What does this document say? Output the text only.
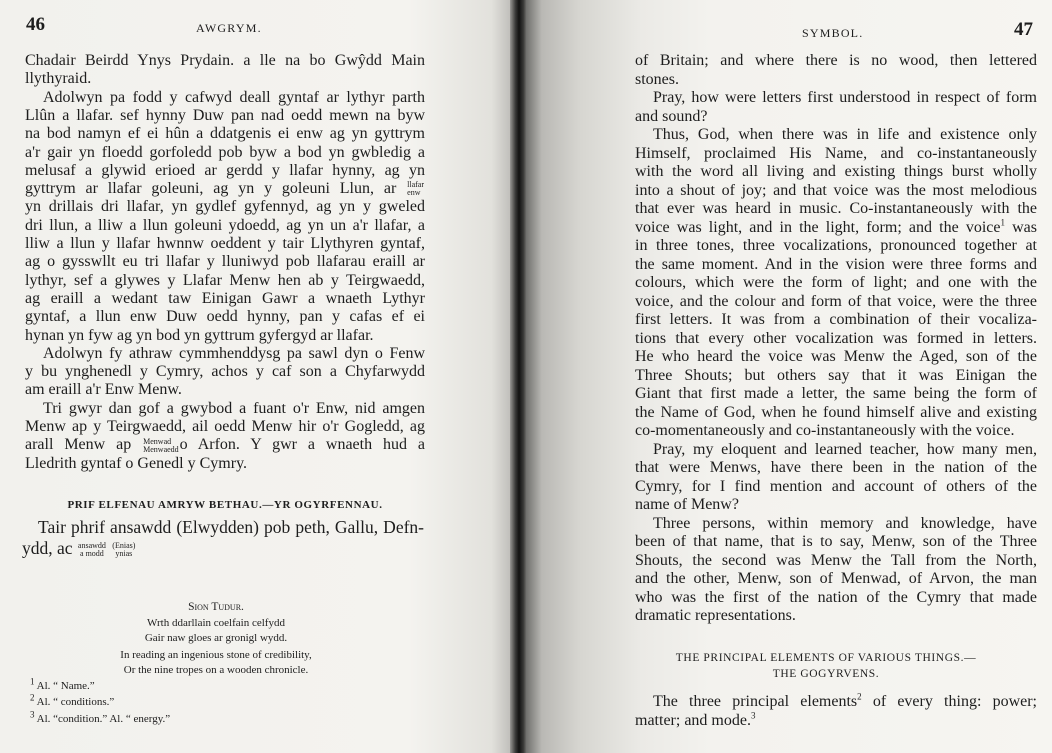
46	AWGRYM.
Chadair Beirdd Ynys Prydain. a lle na bo Gwŷdd Main
llythyraid.
Adolwyn pa fodd y cafwyd deall gyntaf ar lythyr parth
Llûn a llafar. sef hynny Duw pan nad oedd mewn na byw
na bod namyn ef ei hûn a ddatgenis ei enw ag yn gyttrym
a'r gair yn floedd gorfoledd pob byw a bod yn gwbledig a
melusaf a glywid erioed ar gerdd y llafar hynny, ag yn
gyttrym ar llafar goleuni, ag yn y goleuni Llun, ar llafar
enw
yn drillais dri llafar, yn gydlef gyfennyd, ag yn y gweled
dri llun, a lliw a llun goleuni ydoedd, ag yn un a'r llafar, a
lliw a llun y llafar hwnnw oeddent y tair Llythyren gyntaf,
ag o gysswllt eu tri llafar y lluniwyd pob llafarau eraill ar
lythyr, sef a glywes y Llafar Menw hen ab y Teirgwaedd,
ag eraill a wedant taw Einigan Gawr a wnaeth Lythyr
gyntaf, a llun enw Duw oedd hynny, pan y cafas ef ei
hynan yn fyw ag yn bod yn gyttrum gyfergyd ar llafar.
Adolwyn fy athraw cymmhenddysg pa sawl dyn o Fenw
y bu ynghenedl y Cymry, achos y caf son a Chyfarwydd
am eraill a'r Enw Menw.
Tri gwyr dan gof a gwybod a fuant o'r Enw, nid amgen
Menw ap y Teirgwaedd, ail oedd Menw hir o'r Gogledd, ag
arall Menw ap Menwad
Menwaedd o Arfon. Y gwr a wnaeth hud a
Lledrith gyntaf o Genedl y Cymry.
PRIF ELFENAU AMRYW BETHAU.—YR OGYRFENNAU.
Tair phrif ansawdd (Elwydden) pob peth, Gallu, Defn-
ydd, ac ansawdd
a modd

(Enias)
ynias
Sion Tudur.
Wrth ddarllain coelfain celfydd
Gair naw gloes ar gronigl wydd.
In reading an ingenious stone of credibility,
Or the nine tropes on a wooden chronicle.
$^1$ Al. “ Name.”
$^2$ Al. “ conditions.”
$^3$ Al. “condition.” Al. “ energy.”
SYMBOL.	47
of Britain; and where there is no wood, then lettered
stones.
Pray, how were letters first understood in respect of form
and sound?
Thus, God, when there was in life and existence only
Himself, proclaimed His Name, and co-instantaneously
with the word all living and existing things burst wholly
into a shout of joy; and that voice was the most melodious
that ever was heard in music. Co-instantaneously with the
voice was light, and in the light, form; and the voice$^1$ was
in three tones, three vocalizations, pronounced together at
the same moment. And in the vision were three forms and
colours, which were the form of light; and one with the
voice, and the colour and form of that voice, were the three
first letters. It was from a combination of their vocaliza-
tions that every other vocalization was formed in letters.
He who heard the voice was Menw the Aged, son of the
Three Shouts; but others say that it was Einigan the
Giant that first made a letter, the same being the form of
the Name of God, when he found himself alive and existing
co-momentaneously and co-instantaneously with the voice.
Pray, my eloquent and learned teacher, how many men,
that were Menws, have there been in the nation of the
Cymry, for I find mention and account of others of the
name of Menw?
Three persons, within memory and knowledge, have
been of that name, that is to say, Menw, son of the Three
Shouts, the second was Menw the Tall from the North,
and the other, Menw, son of Menwad, of Arvon, the man
who was the first of the nation of the Cymry that made
dramatic representations.
THE PRINCIPAL ELEMENTS OF VARIOUS THINGS.—
THE GOGYRVENS.
The three principal elements$^2$ of every thing: power;
matter; and mode.$^3$
